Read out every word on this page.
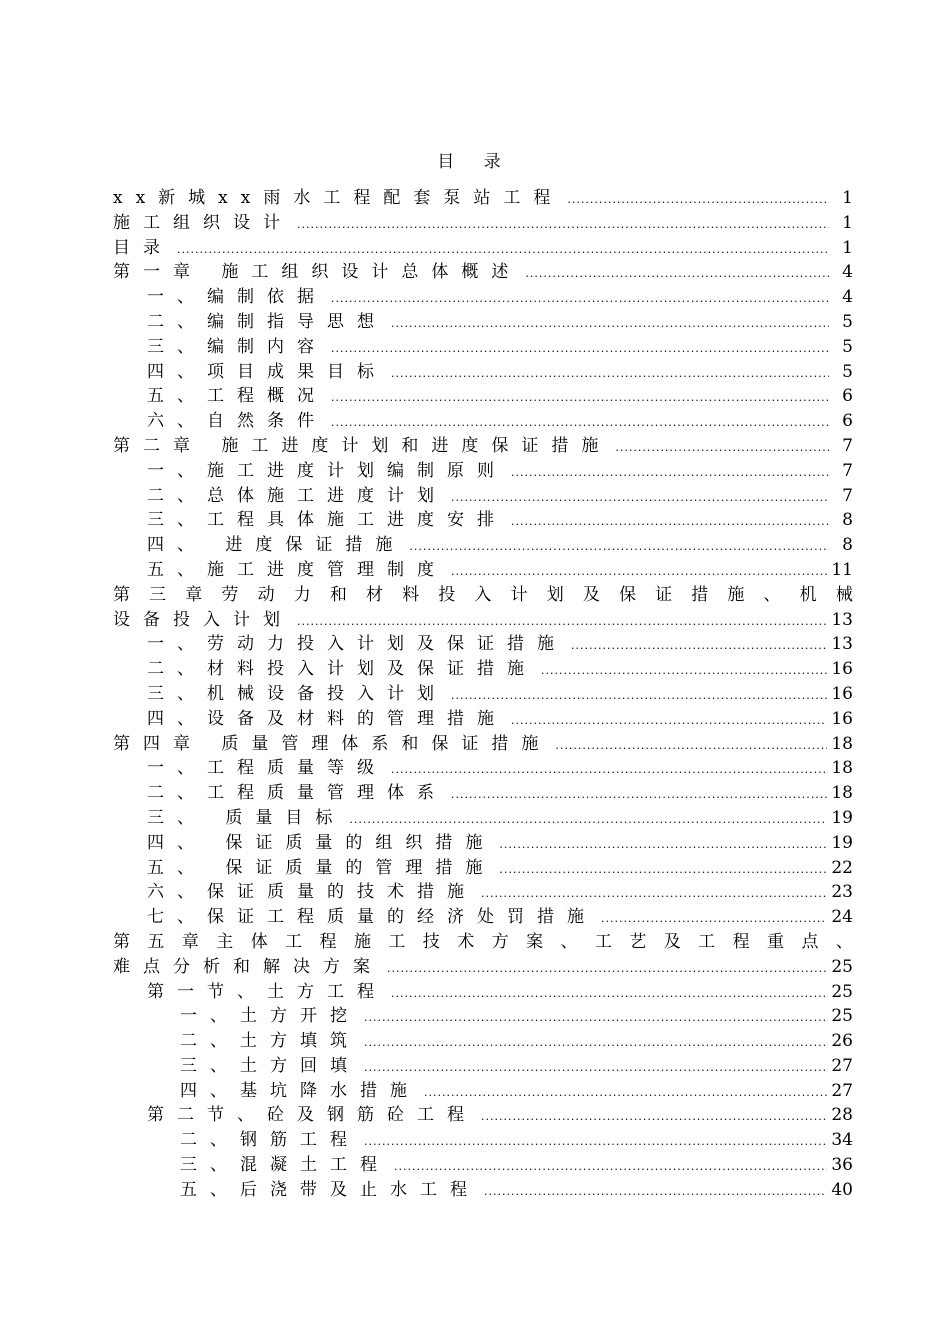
目 录
xx新城xx雨水工程配套泵站工程 .....	1
施工组织设计 .....	1
目录 .....	1
第一章 施工组织设计总体概述 .....	4
一、编制依据 .....	4
二、编制指导思想 .....	5
三、编制内容 .....	5
四、项目成果目标 .....	5
五、工程概况 .....	6
六、自然条件 .....	6
第二章 施工进度计划和进度保证措施 .....	7
一、施工进度计划编制原则 .....	7
二、总体施工进度计划 .....	7
三、工程具体施工进度安排 .....	8
四、 进度保证措施 .....	8
五、施工进度管理制度 .....	11
第 三 章 劳 动 力 和 材 料 投 入 计 划 及 保 证 措 施 、 机 械
设备投入计划 .....	13
一、劳动力投入计划及保证措施 .....	13
二、材料投入计划及保证措施 .....	16
三、机械设备投入计划 .....	16
四、设备及材料的管理措施 .....	16
第四章 质量管理体系和保证措施 .....	18
一、工程质量等级 .....	18
二、工程质量管理体系 .....	18
三、 质量目标 .....	19
四、 保证质量的组织措施 .....	19
五、 保证质量的管理措施 .....	22
六、保证质量的技术措施 .....	23
七、保证工程质量的经济处罚措施 .....	24
第 五 章 主 体 工 程 施 工 技 术 方 案 、 工 艺 及 工 程 重 点 、
难点分析和解决方案 .....	25
第一节、土方工程 .....	25
一、土方开挖 .....	25
二、土方填筑 .....	26
三、土方回填 .....	27
四、基坑降水措施 .....	27
第二节、砼及钢筋砼工程 .....	28
二、钢筋工程 .....	34
三、混凝土工程 .....	36
五、后浇带及止水工程 .....	40
